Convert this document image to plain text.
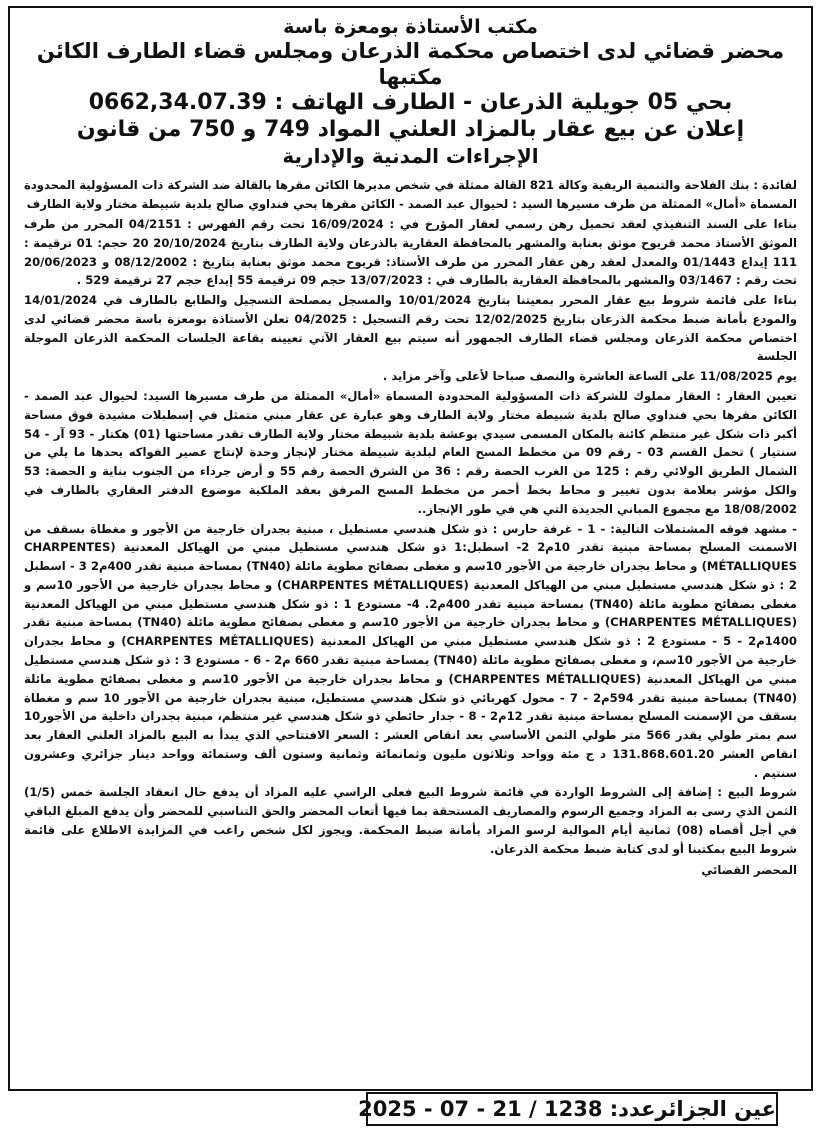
مكتب الأستاذة بومعزة باسة
محضر قضائي لدى اختصاص محكمة الذرعان ومجلس قضاء الطارف الكائن مكتبها
بحي 05 جويلية الذرعان - الطارف الهاتف : 0662,34.07.39
إعلان عن بيع عقار بالمزاد العلني المواد 749 و 750 من قانون
الإجراءات المدنية والإدارية

لفائدة : بنك الفلاحة والتنمية الريفية وكالة 821 القالة ممثلة في شخص مديرها الكائن مقرها بالقالة ضد الشركة ذات المسؤولية المحدودة المسماة «أمال» الممثلة من طرف مسيرها السيد : لحيوال عبد الصمد - الكائن مقرها بحي فنداوي صالح بلدية شبيطة مختار ولاية الطارف

بناءا على السند التنفيذي لعقد تحميل رهن رسمي لعقار المؤرخ في : 16/09/2024 تحت رقم الفهرس : 04/2151 المحرر من طرف الموثق الأستاذ محمد قريوح موثق بعنابة والمشهر بالمحافظة العقارية بالذرعان ولاية الطارف بتاريخ 20/10/2024 20 حجم: 01 ترقيمة : 111 إيداع 01/1443 والمعدل لعقد رهن عقار المحرر من طرف الأستاذ: قريوح محمد موثق بعنابة بتاريخ : 08/12/2002 و 20/06/2023 تحت رقم : 03/1467 والمشهر بالمحافظة العقارية بالطارف في : 13/07/2023 حجم 09 ترقيمة 55 إيداع حجم 27 ترقيمة 529 .

بناءا على قائمة شروط بيع عقار المحرر بمعيتنا بتاريخ 10/01/2024 والمسجل بمصلحة التسجيل والطابع بالطارف في 14/01/2024 والمودع بأمانة ضبط محكمة الذرعان بتاريخ 12/02/2025 تحت رقم التسجيل : 04/2025 تعلن الأستاذة بومعزة باسة محضر قضائي لدى اختصاص محكمة الذرعان ومجلس قضاء الطارف الجمهور أنه سيتم بيع العقار الآتي تعيينه بقاعة الجلسات المحكمة الذرعان الموجلة الجلسة

يوم 11/08/2025 على الساعة العاشرة والنصف صباحا لأعلى وآخر مزايد .

تعيين العقار : العقار مملوك للشركة ذات المسؤولية المحدودة المسماة «أمال» الممثلة من طرف مسيرها السيد: لحيوال عبد الصمد - الكائن مقرها بحي فنداوي صالح بلدية شبيطة مختار ولاية الطارف وهو عبارة عن عقار مبني متمثل في إسطبلات مشيدة فوق مساحة أكبر ذات شكل غير منتظم كائنة بالمكان المسمى سيدي بوعشة بلدية شبيطة مختار ولاية الطارف تقدر مساحتها (01) هكتار - 93 آر - 54 سنتيار ) تحمل القسم 03 - رقم 09 من مخطط المسح العام لبلدية شبيطة مختار لإنجاز وحدة لإنتاج عصير الفواكه يحدها ما يلي من الشمال الطريق الولائي رقم : 125 من الغرب الحصة رقم : 36 من الشرق الحصة رقم 55 و أرض جرداء من الجنوب بناية و الحصة: 53 والكل مؤشر بعلامة بدون تغيير و محاط بخط أحمر من مخطط المسح المرفق بعقد الملكية موضوع الدفتر العقاري بالطارف في 18/08/2002 مع مجموع المباني الجديدة التي هي في طور الإنجاز..

- مشهد فوقه المشتملات التالية: - 1 - غرفة حارس : ذو شكل هندسي مستطيل ، مبنية بجدران خارجية من الأجور و مغطاة بسقف من الاسمنت المسلح بمساحة مبنية تقدر 10م2 2- اسطبل:1 ذو شكل هندسي مستطيل مبني من الهياكل المعدنية (CHARPENTES MÉTALLIQUES) و محاط بجدران خارجية من الأجور 10سم و مغطى بصفائح مطوية مائلة (TN40) بمساحة مبنية تقدر 400م2 3 - اسطبل 2 : ذو شكل هندسي مستطيل مبني من الهياكل المعدنية (CHARPENTES MÉTALLIQUES) و محاط بجدران خارجية من الأجور 10سم و مغطى بصفائح مطوية مائلة (TN40) بمساحة مبنية تقدر 400م2. 4- مستودع 1 : ذو شكل هندسي مستطيل مبني من الهياكل المعدنية (CHARPENTES MÉTALLIQUES) و محاط بجدران خارجية من الأجور 10سم و مغطى بصفائح مطوية مائلة (TN40) بمساحة مبنية تقدر 1400م2 - 5 - مستودع 2 : ذو شكل هندسي مستطيل مبني من الهياكل المعدنية (CHARPENTES MÉTALLIQUES) و محاط بجدران خارجية من الأجور 10سم، و مغطى بصفائح مطوية مائلة (TN40) بمساحة مبنية تقدر 660 م2 - 6 - مستودع 3 : ذو شكل هندسي مستطيل مبني من الهياكل المعدنية (CHARPENTES MÉTALLIQUES) و محاط بجدران خارجية من الأجور 10سم و مغطى بصفائح مطوية مائلة (TN40) بمساحة مبنية تقدر 594م2 - 7 - محول كهربائي ذو شكل هندسي مستطيل، مبنية بجدران خارجية من الأجور 10 سم و مغطاة بسقف من الإسمنت المسلح بمساحة مبنية تقدر 12م2 - 8 - جدار حائطي ذو شكل هندسي غير منتظم، مبنية بجدران داخلية من الأجور10 سم بمتر طولي يقدر 566 متر طولي الثمن الأساسي بعد انقاص العشر : السعر الافتتاحي الذي يبدأ به البيع بالمزاد العلني العقار بعد انقاص العشر 131.868.601.20 د ج مئة وواحد وثلاثون مليون وثمانمائة وثمانية وستون ألف وستمائة وواحد دينار جزائري وعشرون سنتيم .

شروط البيع : إضافة إلى الشروط الواردة في قائمة شروط البيع فعلى الراسي عليه المزاد أن يدفع حال انعقاد الجلسة خمس (1/5) الثمن الذي رسى به المزاد وجميع الرسوم والمصاريف المستحقة بما فيها أتعاب المحضر والحق التناسبي للمحضر وأن يدفع المبلغ الباقي في أجل أقصاه (08) ثمانية أيام الموالية لرسو المزاد بأمانة ضبط المحكمة. ويجوز لكل شخص راغب في المزايدة الاطلاع على قائمة شروط البيع بمكتبنا أو لدى كتابة ضبط محكمة الذرعان.

المحضر القضائي
عين الجزائرعدد: 1238 / 21 - 07 - 2025
